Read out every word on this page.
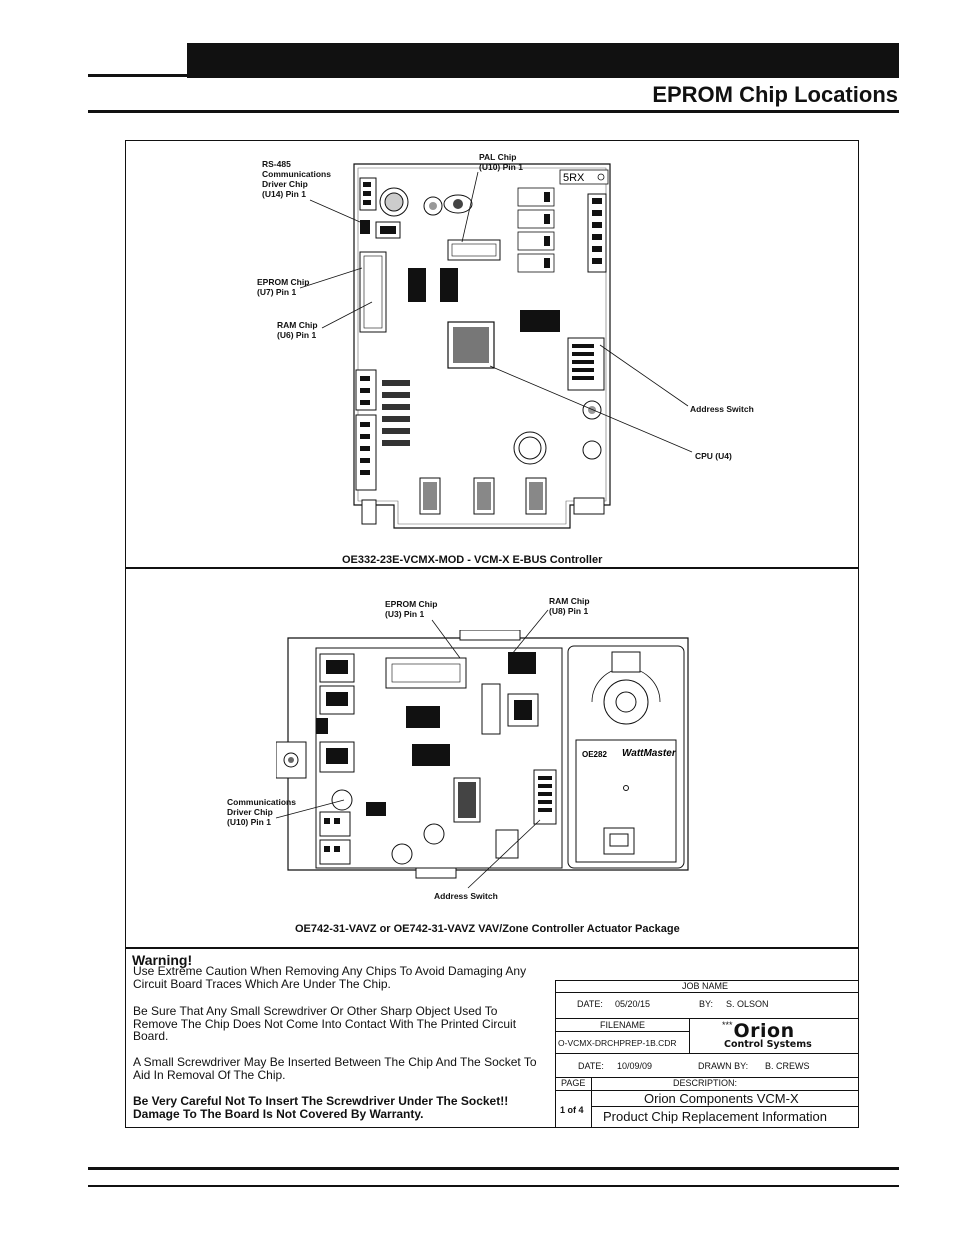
EPROM Chip Locations
5RX
RS-485
Communications
Driver Chip
(U14) Pin 1
PAL Chip
(U10) Pin 1
EPROM Chip
(U7) Pin 1
RAM Chip
(U6) Pin 1
Address Switch
CPU (U4)
OE332-23E-VCMX-MOD - VCM-X E-BUS Controller
OE282 WattMaster
EPROM Chip
(U3) Pin 1
RAM Chip
(U8) Pin 1
Communications
Driver Chip
(U10) Pin 1
Address Switch
OE742-31-VAVZ or OE742-31-VAVZ VAV/Zone Controller Actuator Package
Warning!
Use Extreme Caution When Removing Any Chips To Avoid Damaging Any Circuit Board Traces Which Are Under The Chip.
Be Sure That Any Small Screwdriver Or Other Sharp Object Used To Remove The Chip Does Not Come Into Contact With The Printed Circuit Board.
A Small Screwdriver May Be Inserted Between The Chip And The Socket To Aid In Removal Of The Chip.
Be Very Careful Not To Insert The Screwdriver Under The Socket!! Damage To The Board Is Not Covered By Warranty.
JOB NAME
DATE: 05/20/15	BY: S. OLSON
FILENAME
O-VCMX-DRCHPREP-1B.CDR
***Orion
Control Systems
DATE: 10/09/09	DRAWN BY: B. CREWS
PAGE	DESCRIPTION:
1 of 4
Orion Components VCM-X
Product Chip Replacement Information
